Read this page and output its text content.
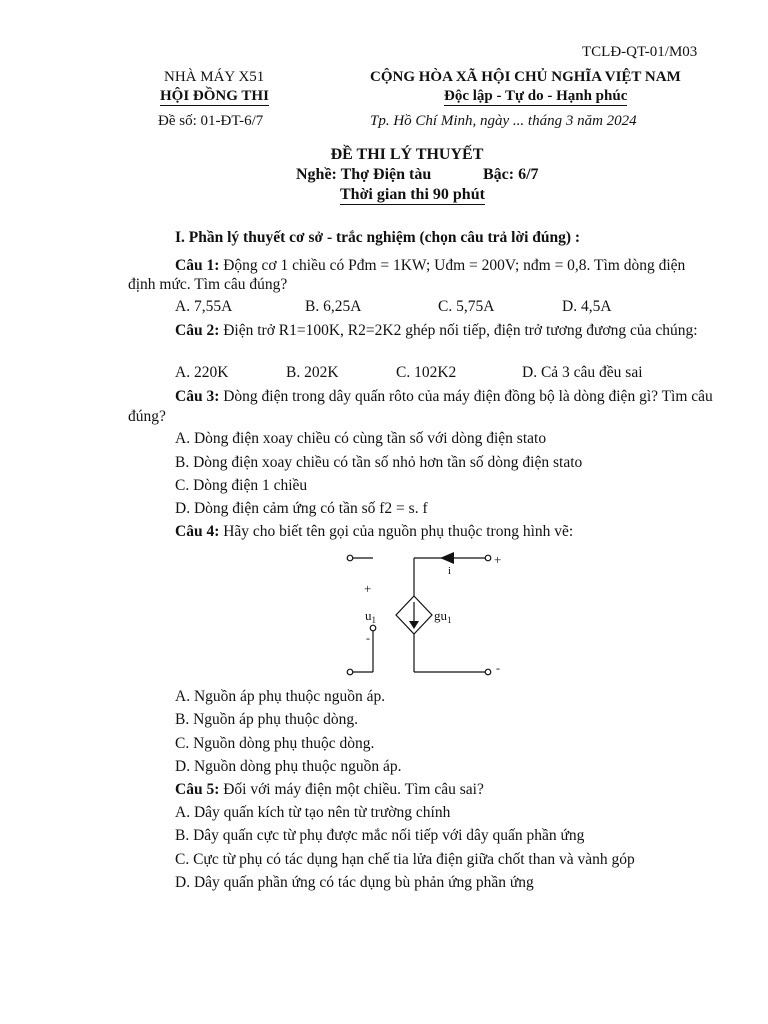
TCLĐ-QT-01/M03
NHÀ MÁY X51
HỘI ĐỒNG THI
Đề số: 01-ĐT-6/7
CỘNG HÒA XÃ HỘI CHỦ NGHĨA VIỆT NAM
Độc lập - Tự do - Hạnh phúc
Tp. Hồ Chí Minh, ngày ... tháng 3 năm 2024
ĐỀ THI LÝ THUYẾT
Nghề: Thợ Điện tàu	Bậc: 6/7
Thời gian thi 90 phút
I. Phần lý thuyết cơ sở - trắc nghiệm (chọn câu trả lời đúng) :
Câu 1: Động cơ 1 chiều có Pđm = 1KW; Uđm = 200V; nđm = 0,8. Tìm dòng điện định mức. Tìm câu đúng?
A. 7,55A	B. 6,25A	C. 5,75A	D. 4,5A
Câu 2: Điện trở R1=100K, R2=2K2 ghép nối tiếp, điện trở tương đương của chúng:
A. 220K	B. 202K	C. 102K2	D. Cả 3 câu đều sai
Câu 3: Dòng điện trong dây quấn rôto của máy điện đồng bộ là dòng điện gì? Tìm câu đúng?
A. Dòng điện xoay chiều có cùng tần số với dòng điện stato
B. Dòng điện xoay chiều có tần số nhỏ hơn tần số dòng điện stato
C. Dòng điện 1 chiều
D. Dòng điện cảm ứng có tần số f2 = s. f
Câu 4: Hãy cho biết tên gọi của nguồn phụ thuộc trong hình vẽ:
+
$u_1$
-
i
$gu_1$
+
-
A. Nguồn áp phụ thuộc nguồn áp.
B. Nguồn áp phụ thuộc dòng.
C. Nguồn dòng phụ thuộc dòng.
D. Nguồn dòng phụ thuộc nguồn áp.
Câu 5: Đối với máy điện một chiều. Tìm câu sai?
A. Dây quấn kích từ tạo nên từ trường chính
B. Dây quấn cực từ phụ được mắc nối tiếp với dây quấn phần ứng
C. Cực từ phụ có tác dụng hạn chế tia lửa điện giữa chốt than và vành góp
D. Dây quấn phần ứng có tác dụng bù phản ứng phần ứng
